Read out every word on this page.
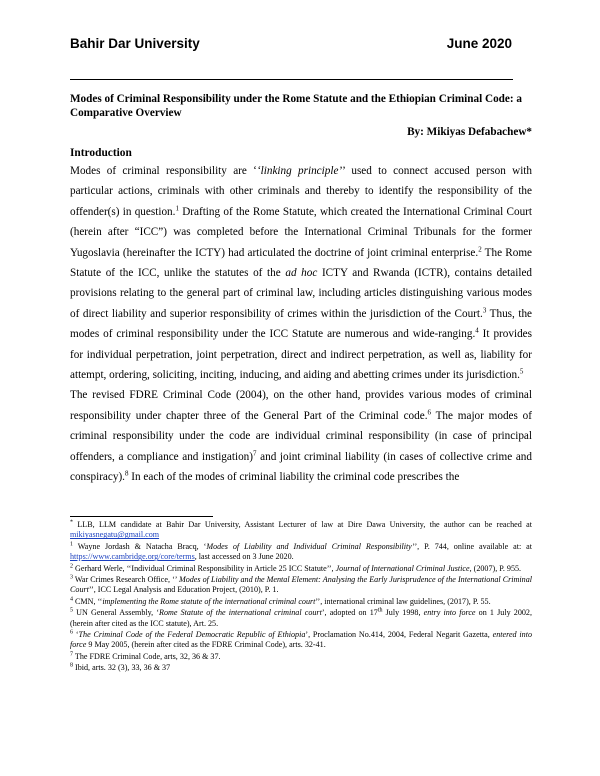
Bahir Dar University	June 2020
Modes of Criminal Responsibility under the Rome Statute and the Ethiopian Criminal Code: a Comparative Overview
By: Mikiyas Defabachew*
Introduction

Modes of criminal responsibility are ‘‘linking principle’’ used to connect accused person with particular actions, criminals with other criminals and thereby to identify the responsibility of the offender(s) in question.$^1$ Drafting of the Rome Statute, which created the International Criminal Court (herein after “ICC”) was completed before the International Criminal Tribunals for the former Yugoslavia (hereinafter the ICTY) had articulated the doctrine of joint criminal enterprise.$^2$ The Rome Statute of the ICC, unlike the statutes of the ad hoc ICTY and Rwanda (ICTR), contains detailed provisions relating to the general part of criminal law, including articles distinguishing various modes of direct liability and superior responsibility of crimes within the jurisdiction of the Court.$^3$ Thus, the modes of criminal responsibility under the ICC Statute are numerous and wide-ranging.$^4$ It provides for individual perpetration, joint perpetration, direct and indirect perpetration, as well as, liability for attempt, ordering, soliciting, inciting, inducing, and aiding and abetting crimes under its jurisdiction.$^5$

The revised FDRE Criminal Code (2004), on the other hand, provides various modes of criminal responsibility under chapter three of the General Part of the Criminal code.$^6$ The major modes of criminal responsibility under the code are individual criminal responsibility (in case of principal offenders, a compliance and instigation)$^7$ and joint criminal liability (in cases of collective crime and conspiracy).$^8$ In each of the modes of criminal liability the criminal code prescribes the

* LLB, LLM candidate at Bahir Dar University, Assistant Lecturer of law at Dire Dawa University, the author can be reached at mikiyasnegatu@gmail.com
$^1$ Wayne Jordash & Natacha Bracq, ‘Modes of Liability and Individual Criminal Responsibility’’, P. 744, online available at: at https://www.cambridge.org/core/terms, last accessed on 3 June 2020.
$^2$ Gerhard Werle, ‘‘Individual Criminal Responsibility in Article 25 ICC Statute’’, Journal of International Criminal Justice, (2007), P. 955.
$^3$ War Crimes Research Office, ‘’ Modes of Liability and the Mental Element: Analysing the Early Jurisprudence of the International Criminal Court’’, ICC Legal Analysis and Education Project, (2010), P. 1.
$^4$ CMN, ‘‘implementing the Rome statute of the international criminal court’’, international criminal law guidelines, (2017), P. 55.
$^5$ UN General Assembly, ‘Rome Statute of the international criminal court’, adopted on 17th July 1998, entry into force on 1 July 2002, (herein after cited as the ICC statute), Art. 25.
$^6$ ‘The Criminal Code of the Federal Democratic Republic of Ethiopia’, Proclamation No.414, 2004, Federal Negarit Gazetta, entered into force 9 May 2005, (herein after cited as the FDRE Criminal Code), arts. 32-41.
$^7$ The FDRE Criminal Code, arts, 32, 36 & 37.
$^8$ Ibid, arts. 32 (3), 33, 36 & 37
